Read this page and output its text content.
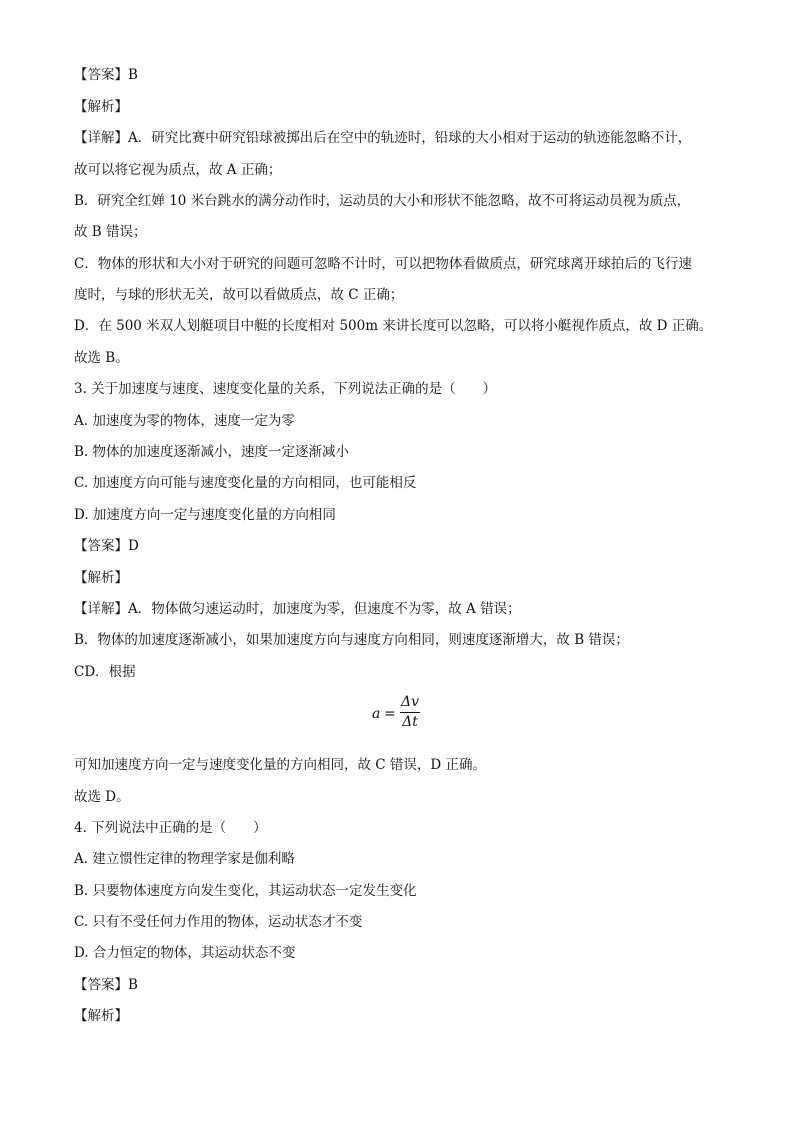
【答案】B
【解析】
【详解】A．研究比赛中研究铅球被掷出后在空中的轨迹时，铅球的大小相对于运动的轨迹能忽略不计，
故可以将它视为质点，故 A 正确；
B．研究全红婵 10 米台跳水的满分动作时，运动员的大小和形状不能忽略，故不可将运动员视为质点，
故 B 错误；
C．物体的形状和大小对于研究的问题可忽略不计时，可以把物体看做质点，研究球离开球拍后的飞行速
度时，与球的形状无关，故可以看做质点，故 C 正确；
D．在 500 米双人划艇项目中艇的长度相对 500m 来讲长度可以忽略，可以将小艇视作质点，故 D 正确。
故选 B。
3. 关于加速度与速度、速度变化量的关系，下列说法正确的是（　　）
A. 加速度为零的物体，速度一定为零
B. 物体的加速度逐渐减小，速度一定逐渐减小
C. 加速度方向可能与速度变化量的方向相同，也可能相反
D. 加速度方向一定与速度变化量的方向相同
【答案】D
【解析】
【详解】A．物体做匀速运动时，加速度为零，但速度不为零，故 A 错误；
B．物体的加速度逐渐减小，如果加速度方向与速度方向相同，则速度逐渐增大，故 B 错误；
CD．根据
a =
Δv
Δt
可知加速度方向一定与速度变化量的方向相同，故 C 错误，D 正确。
故选 D。
4. 下列说法中正确的是（　　）
A. 建立惯性定律的物理学家是伽利略
B. 只要物体速度方向发生变化，其运动状态一定发生变化
C. 只有不受任何力作用的物体，运动状态才不变
D. 合力恒定的物体，其运动状态不变
【答案】B
【解析】
